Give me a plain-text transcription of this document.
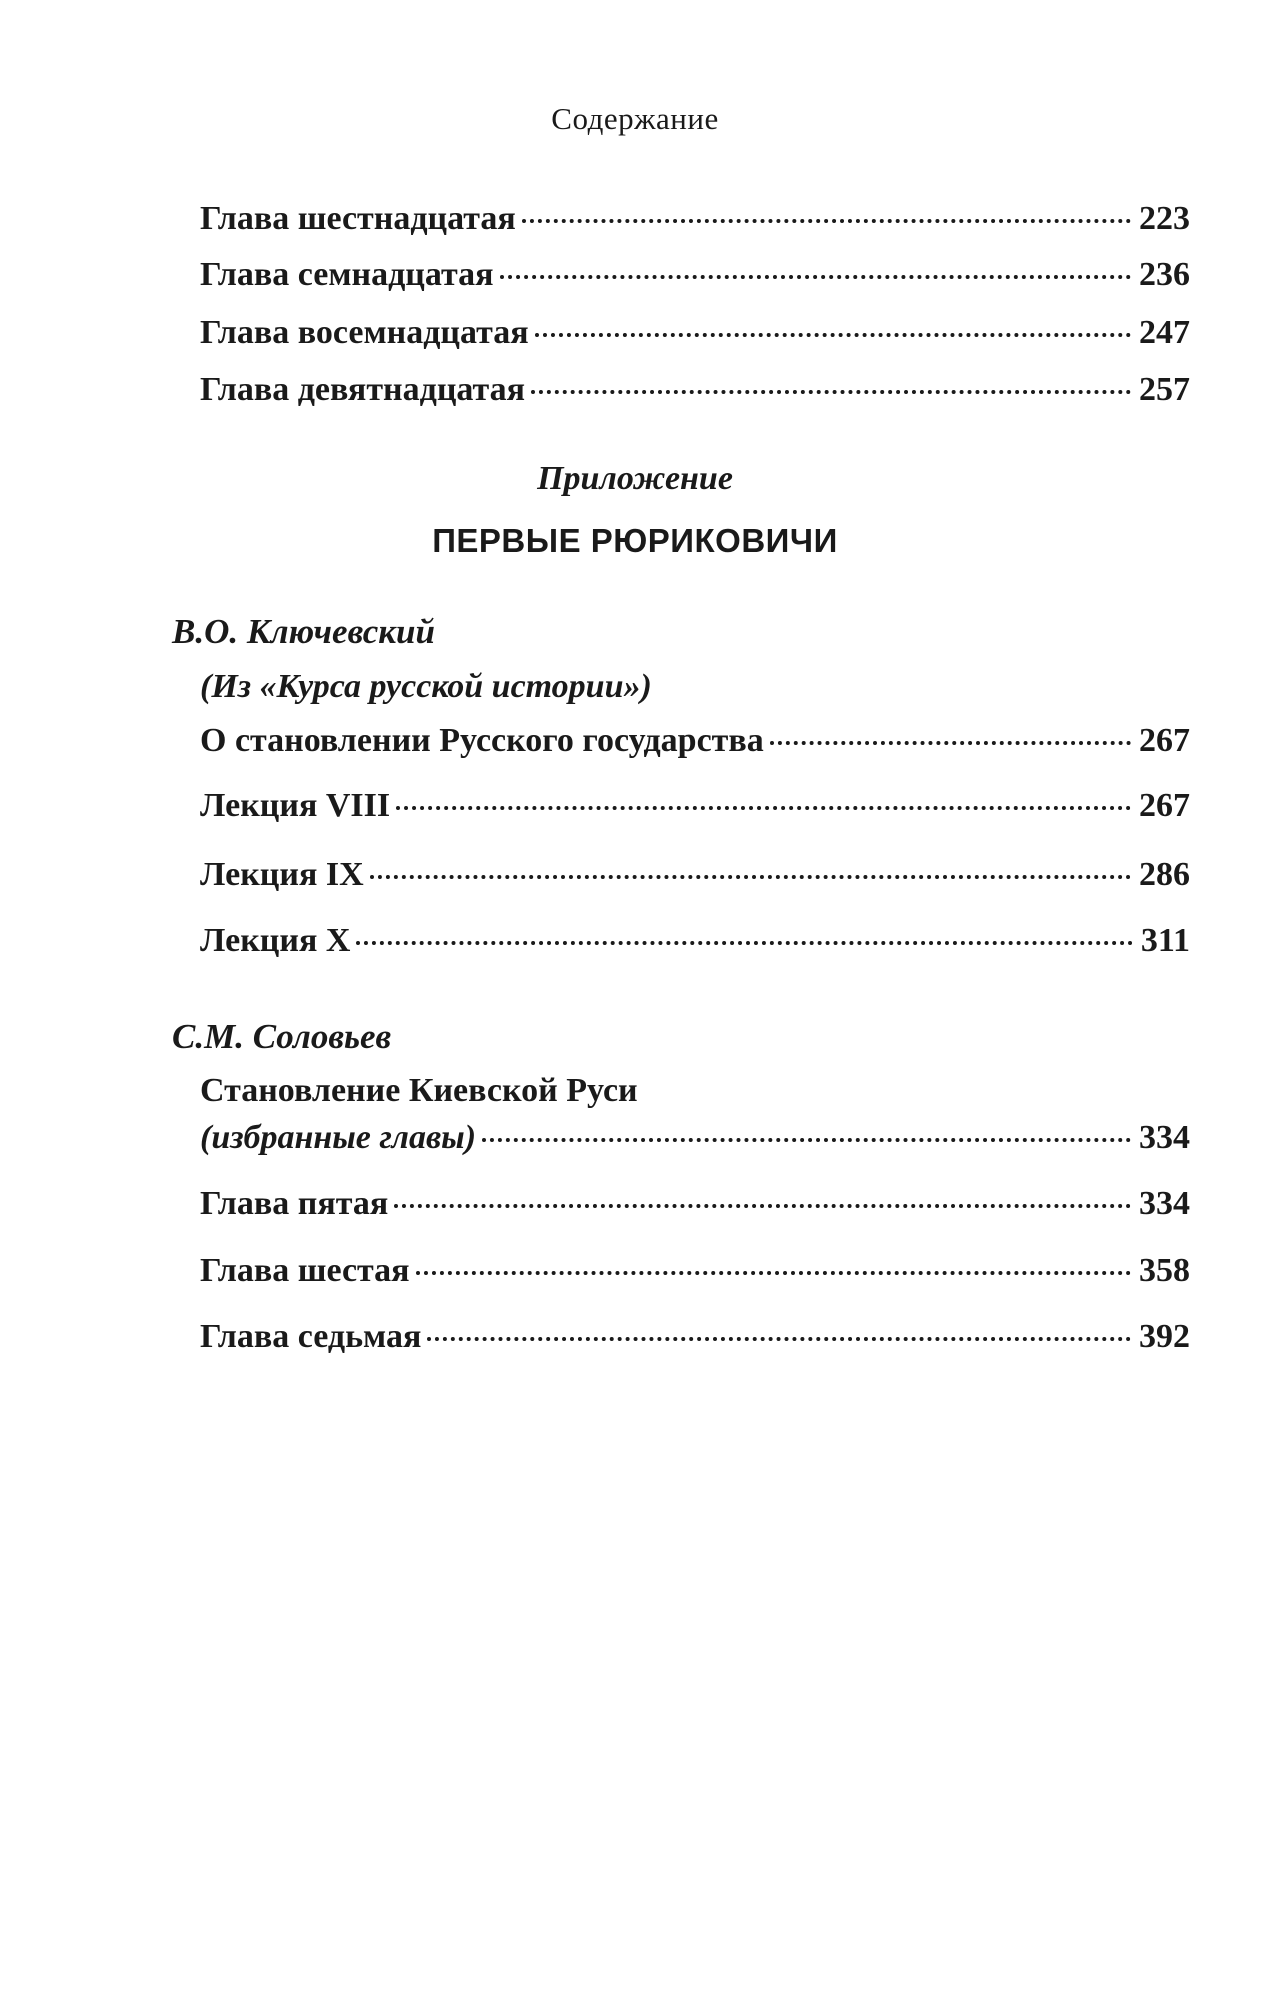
Содержание
Глава шестнадцатая	223
Глава семнадцатая	236
Глава восемнадцатая	247
Глава девятнадцатая	257
Приложение
ПЕРВЫЕ РЮРИКОВИЧИ
В.О. Ключевский
(Из «Курса русской истории»)
О становлении Русского государства	267
Лекция VIII	267
Лекция IX	286
Лекция X	311
С.М. Соловьев
Становление Киевской Руси
(избранные главы)	334
Глава пятая	334
Глава шестая	358
Глава седьмая	392
